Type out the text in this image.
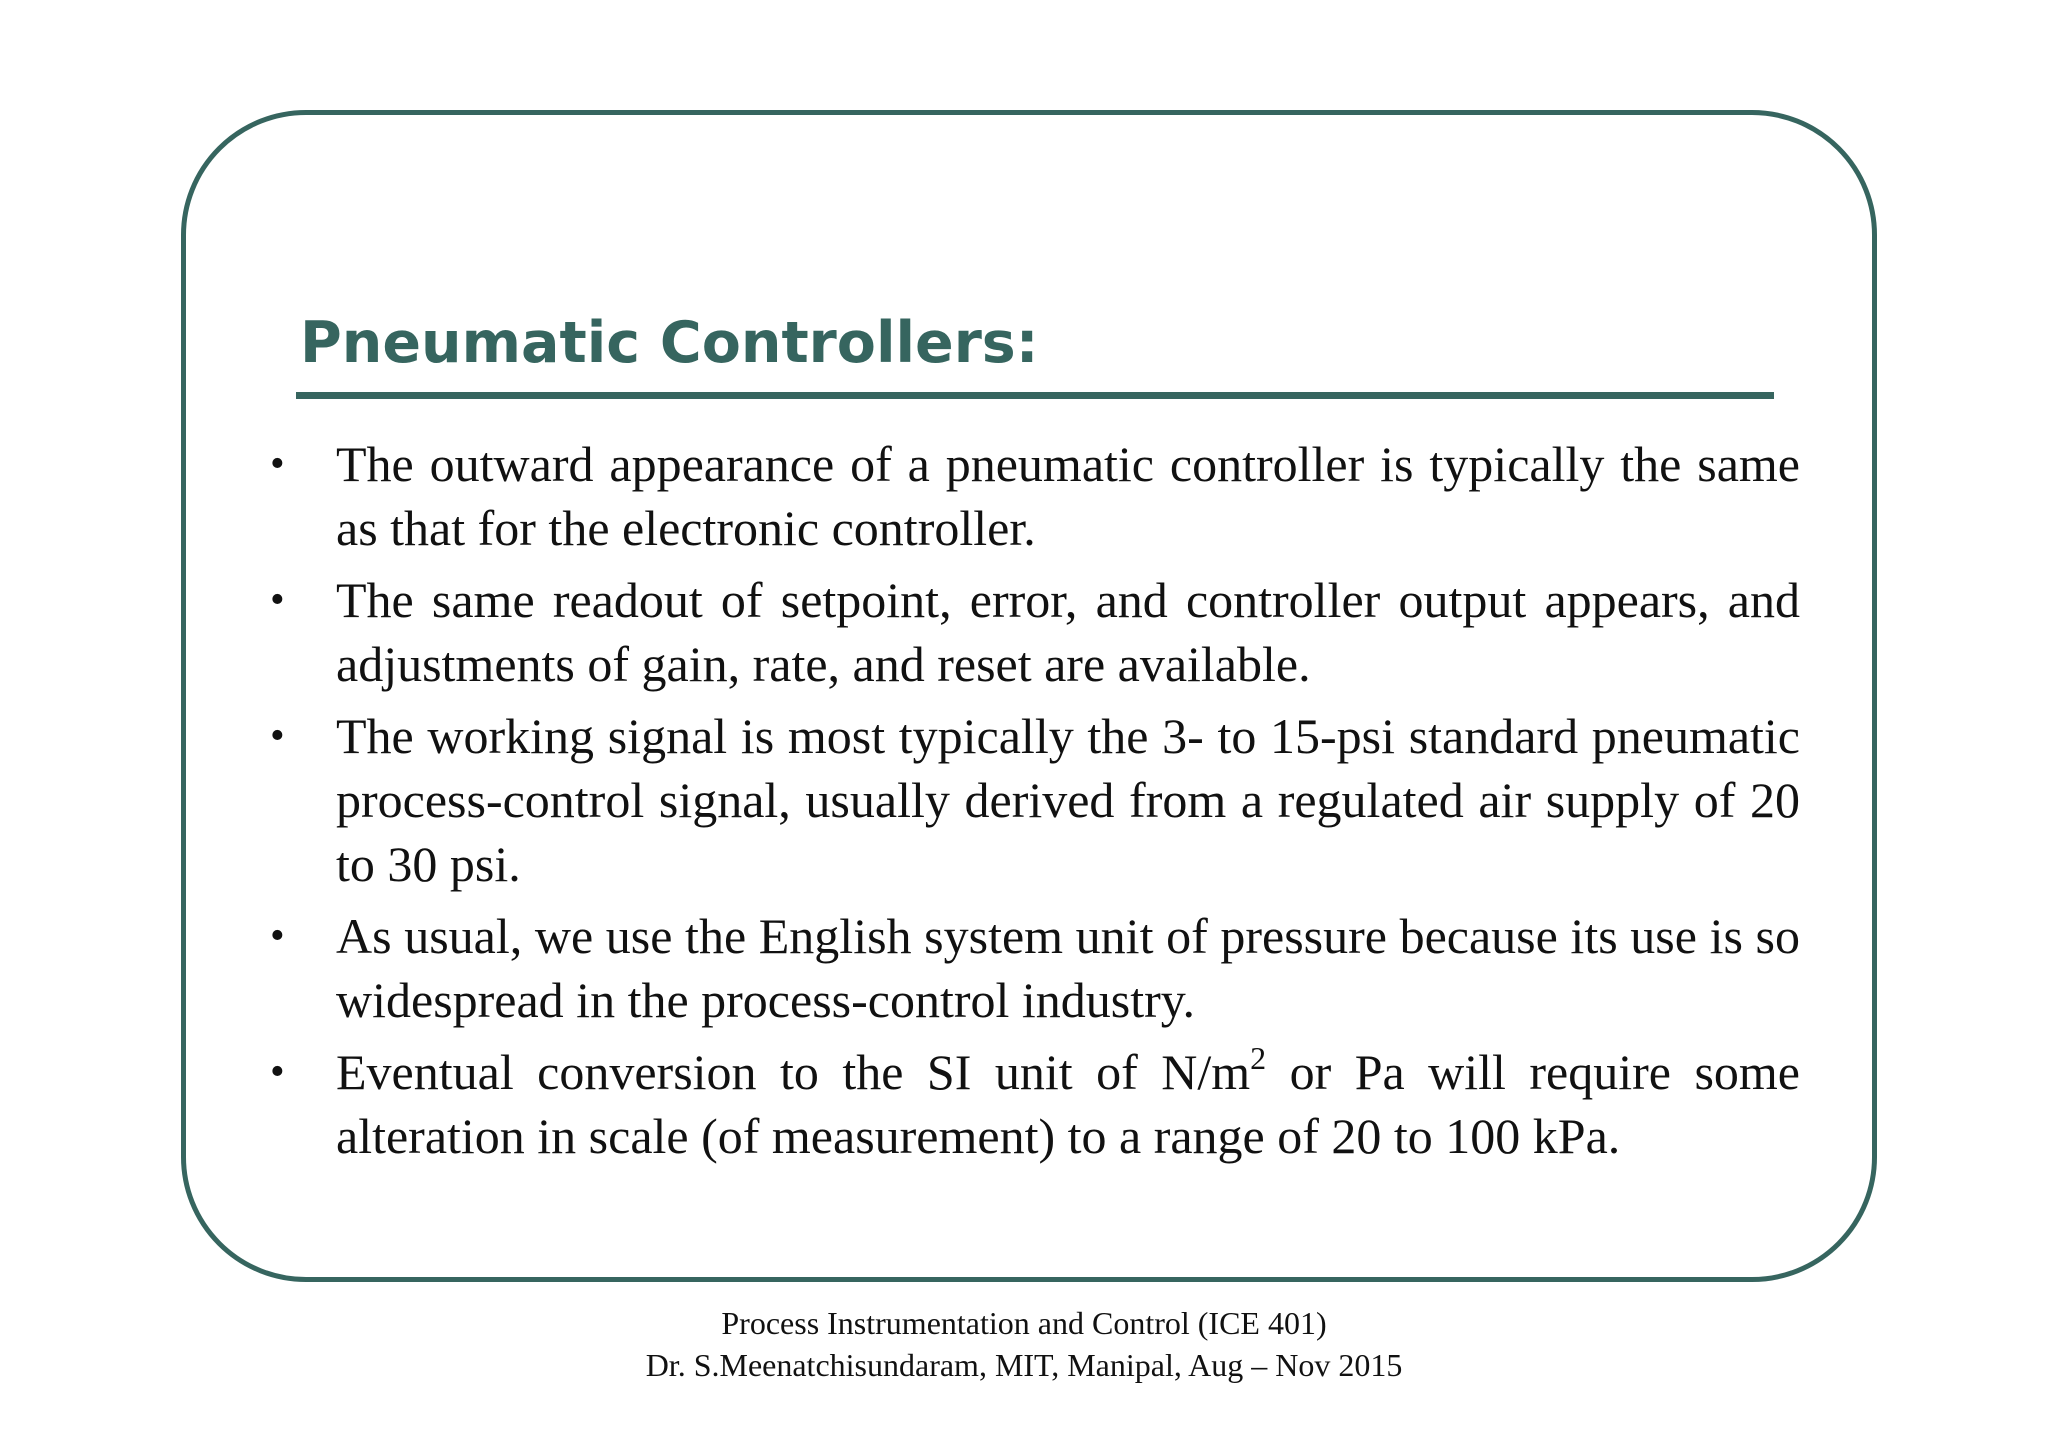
Pneumatic Controllers:
• The outward appearance of a pneumatic controller is typically the same as that for the electronic controller.
• The same readout of setpoint, error, and controller output appears, and adjustments of gain, rate, and reset are available.
• The working signal is most typically the 3- to 15-psi standard pneumatic process-control signal, usually derived from a regulated air supply of 20 to 30 psi.
• As usual, we use the English system unit of pressure because its use is so widespread in the process-control industry.
• Eventual conversion to the SI unit of $N/m^2$ or Pa will require some alteration in scale (of measurement) to a range of 20 to 100 kPa.
Process Instrumentation and Control (ICE 401)
Dr. S.Meenatchisundaram, MIT, Manipal, Aug – Nov 2015
